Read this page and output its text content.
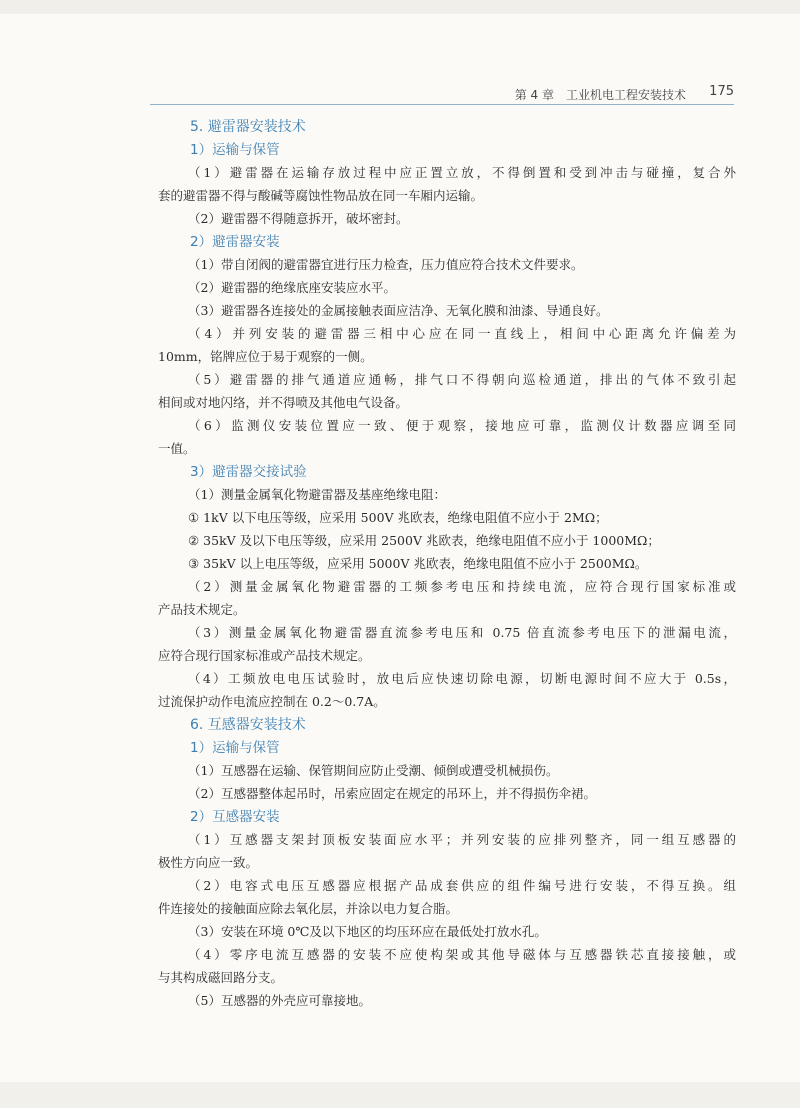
第 4 章　工业机电工程安装技术 175
5. 避雷器安装技术
1）运输与保管
（1）避雷器在运输存放过程中应正置立放，不得倒置和受到冲击与碰撞，复合外
套的避雷器不得与酸碱等腐蚀性物品放在同一车厢内运输。
（2）避雷器不得随意拆开，破坏密封。
2）避雷器安装
（1）带自闭阀的避雷器宜进行压力检查，压力值应符合技术文件要求。
（2）避雷器的绝缘底座安装应水平。
（3）避雷器各连接处的金属接触表面应洁净、无氧化膜和油漆、导通良好。
（4）并列安装的避雷器三相中心应在同一直线上，相间中心距离允许偏差为
10mm，铭牌应位于易于观察的一侧。
（5）避雷器的排气通道应通畅，排气口不得朝向巡检通道，排出的气体不致引起
相间或对地闪络，并不得喷及其他电气设备。
（6）监测仪安装位置应一致、便于观察，接地应可靠，监测仪计数器应调至同
一值。
3）避雷器交接试验
（1）测量金属氧化物避雷器及基座绝缘电阻：
① 1kV 以下电压等级，应采用 500V 兆欧表，绝缘电阻值不应小于 2MΩ；
② 35kV 及以下电压等级，应采用 2500V 兆欧表，绝缘电阻值不应小于 1000MΩ；
③ 35kV 以上电压等级，应采用 5000V 兆欧表，绝缘电阻值不应小于 2500MΩ。
（2）测量金属氧化物避雷器的工频参考电压和持续电流，应符合现行国家标准或
产品技术规定。
（3）测量金属氧化物避雷器直流参考电压和 0.75 倍直流参考电压下的泄漏电流，
应符合现行国家标准或产品技术规定。
（4）工频放电电压试验时，放电后应快速切除电源，切断电源时间不应大于 0.5s，
过流保护动作电流应控制在 0.2～0.7A。
6. 互感器安装技术
1）运输与保管
（1）互感器在运输、保管期间应防止受潮、倾倒或遭受机械损伤。
（2）互感器整体起吊时，吊索应固定在规定的吊环上，并不得损伤伞裙。
2）互感器安装
（1）互感器支架封顶板安装面应水平；并列安装的应排列整齐，同一组互感器的
极性方向应一致。
（2）电容式电压互感器应根据产品成套供应的组件编号进行安装，不得互换。组
件连接处的接触面应除去氧化层，并涂以电力复合脂。
（3）安装在环境 0℃及以下地区的均压环应在最低处打放水孔。
（4）零序电流互感器的安装不应使构架或其他导磁体与互感器铁芯直接接触，或
与其构成磁回路分支。
（5）互感器的外壳应可靠接地。
